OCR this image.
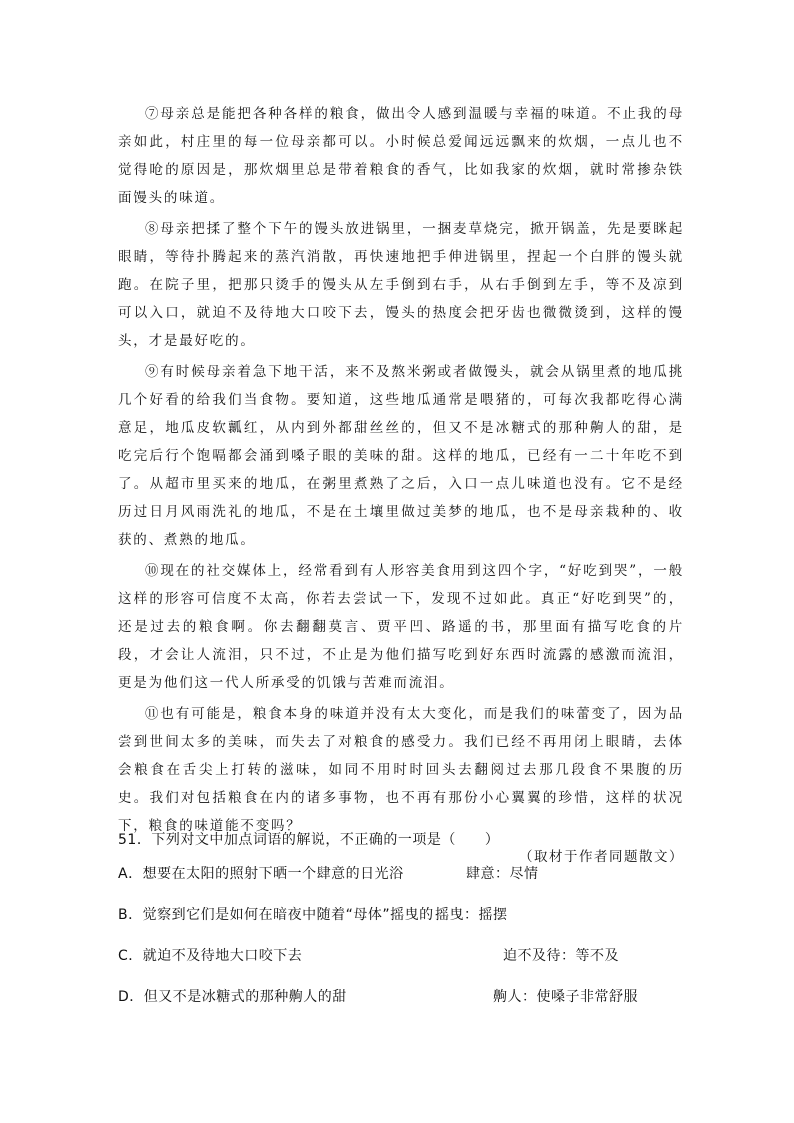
⑦母亲总是能把各种各样的粮食，做出令人感到温暖与幸福的味道。不止我的母亲如此，村庄里的每一位母亲都可以。小时候总爱闻远远飘来的炊烟，一点儿也不觉得呛的原因是，那炊烟里总是带着粮食的香气，比如我家的炊烟，就时常掺杂铁面馒头的味道。

⑧母亲把揉了整个下午的馒头放进锅里，一捆麦草烧完，掀开锅盖，先是要眯起眼睛，等待扑腾起来的蒸汽消散，再快速地把手伸进锅里，捏起一个白胖的馒头就跑。在院子里，把那只烫手的馒头从左手倒到右手，从右手倒到左手，等不及凉到可以入口，就迫不及待地大口咬下去，馒头的热度会把牙齿也微微烫到，这样的馒头，才是最好吃的。

⑨有时候母亲着急下地干活，来不及熬米粥或者做馒头，就会从锅里煮的地瓜挑几个好看的给我们当食物。要知道，这些地瓜通常是喂猪的，可每次我都吃得心满意足，地瓜皮软瓤红，从内到外都甜丝丝的，但又不是冰糖式的那种齁人的甜，是吃完后行个饱嗝都会涌到嗓子眼的美味的甜。这样的地瓜，已经有一二十年吃不到了。从超市里买来的地瓜，在粥里煮熟了之后，入口一点儿味道也没有。它不是经历过日月风雨洗礼的地瓜，不是在土壤里做过美梦的地瓜，也不是母亲栽种的、收获的、煮熟的地瓜。

⑩现在的社交媒体上，经常看到有人形容美食用到这四个字，“好吃到哭”，一般这样的形容可信度不太高，你若去尝试一下，发现不过如此。真正“好吃到哭”的，还是过去的粮食啊。你去翻翻莫言、贾平凹、路遥的书，那里面有描写吃食的片段，才会让人流泪，只不过，不止是为他们描写吃到好东西时流露的感激而流泪，更是为他们这一代人所承受的饥饿与苦难而流泪。

⑪也有可能是，粮食本身的味道并没有太大变化，而是我们的味蕾变了，因为品尝到世间太多的美味，而失去了对粮食的感受力。我们已经不再用闭上眼睛，去体会粮食在舌尖上打转的滋味，如同不用时时回头去翻阅过去那几段食不果腹的历史。我们对包括粮食在内的诸多事物，也不再有那份小心翼翼的珍惜，这样的状况下，粮食的味道能不变吗？

（取材于作者同题散文）

51．下列对文中加点词语的解说，不正确的一项是（　　）

A．想要在太阳的照射下晒一个肆意的日光浴	肆意：尽情
B．觉察到它们是如何在暗夜中随着“母体”摇曳的 摇曳：摇摆
C．就迫不及待地大口咬下去	迫不及待：等不及
D．但又不是冰糖式的那种齁人的甜	齁人：使嗓子非常舒服
